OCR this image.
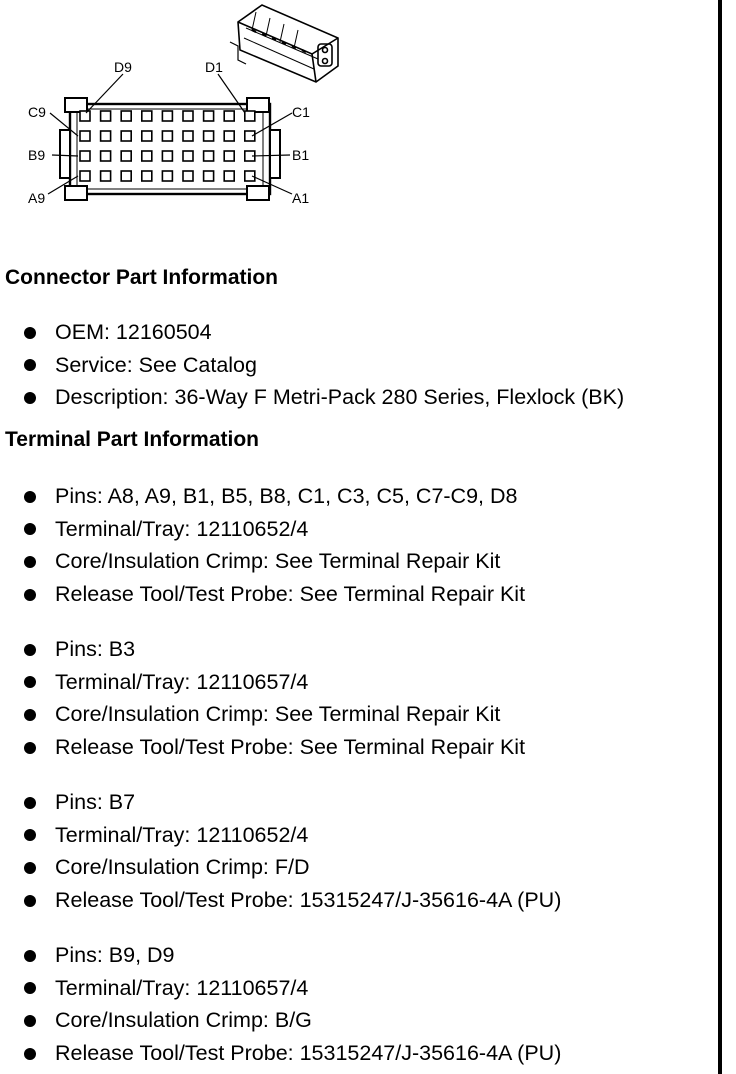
D9	D1
C9	C1
B9	B1
A9	A1
Connector Part Information
OEM: 12160504
Service: See Catalog
Description: 36-Way F Metri-Pack 280 Series, Flexlock (BK)
Terminal Part Information
Pins: A8, A9, B1, B5, B8, C1, C3, C5, C7-C9, D8
Terminal/Tray: 12110652/4
Core/Insulation Crimp: See Terminal Repair Kit
Release Tool/Test Probe: See Terminal Repair Kit
Pins: B3
Terminal/Tray: 12110657/4
Core/Insulation Crimp: See Terminal Repair Kit
Release Tool/Test Probe: See Terminal Repair Kit
Pins: B7
Terminal/Tray: 12110652/4
Core/Insulation Crimp: F/D
Release Tool/Test Probe: 15315247/J-35616-4A (PU)
Pins: B9, D9
Terminal/Tray: 12110657/4
Core/Insulation Crimp: B/G
Release Tool/Test Probe: 15315247/J-35616-4A (PU)
